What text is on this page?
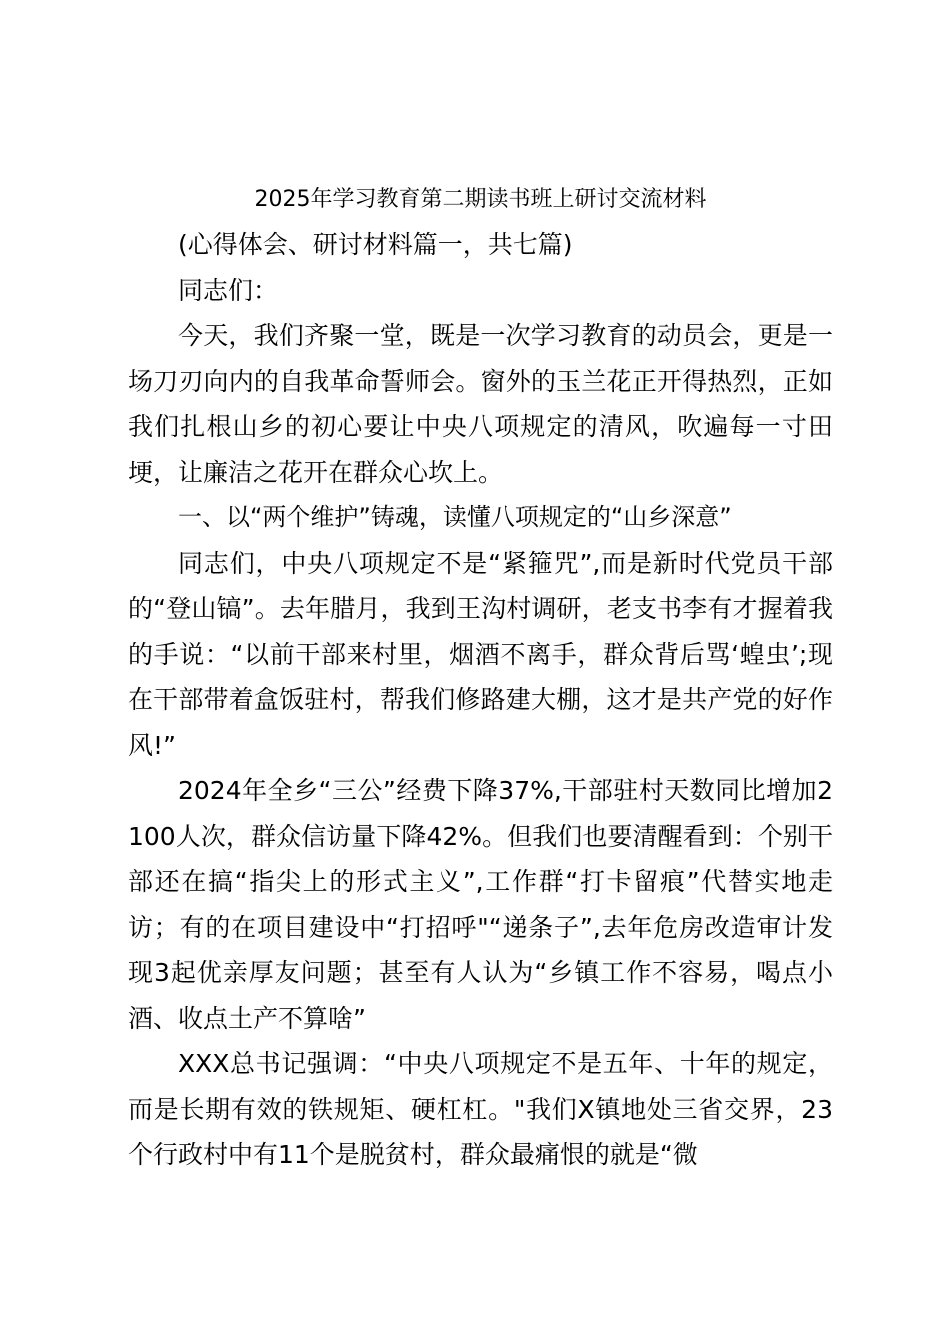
2025年学习教育第二期读书班上研讨交流材料

(心得体会、研讨材料篇一，共七篇)

同志们：

今天，我们齐聚一堂，既是一次学习教育的动员会，更是一场刀刃向内的自我革命誓师会。窗外的玉兰花正开得热烈，正如我们扎根山乡的初心要让中央八项规定的清风，吹遍每一寸田埂，让廉洁之花开在群众心坎上。

一、以“两个维护”铸魂，读懂八项规定的“山乡深意”

同志们，中央八项规定不是“紧箍咒”,而是新时代党员干部的“登山镐”。去年腊月，我到王沟村调研，老支书李有才握着我的手说：“以前干部来村里，烟酒不离手，群众背后骂‘蝗虫’;现在干部带着盒饭驻村，帮我们修路建大棚，这才是共产党的好作风!”

2024年全乡“三公”经费下降37%,干部驻村天数同比增加2100人次，群众信访量下降42%。但我们也要清醒看到：个别干部还在搞“指尖上的形式主义”,工作群“打卡留痕”代替实地走访；有的在项目建设中“打招呼"“递条子”,去年危房改造审计发现3起优亲厚友问题；甚至有人认为“乡镇工作不容易，喝点小酒、收点土产不算啥”

XXX总书记强调：“中央八项规定不是五年、十年的规定，而是长期有效的铁规矩、硬杠杠。"我们X镇地处三省交界，23个行政村中有11个是脱贫村，群众最痛恨的就是“微
